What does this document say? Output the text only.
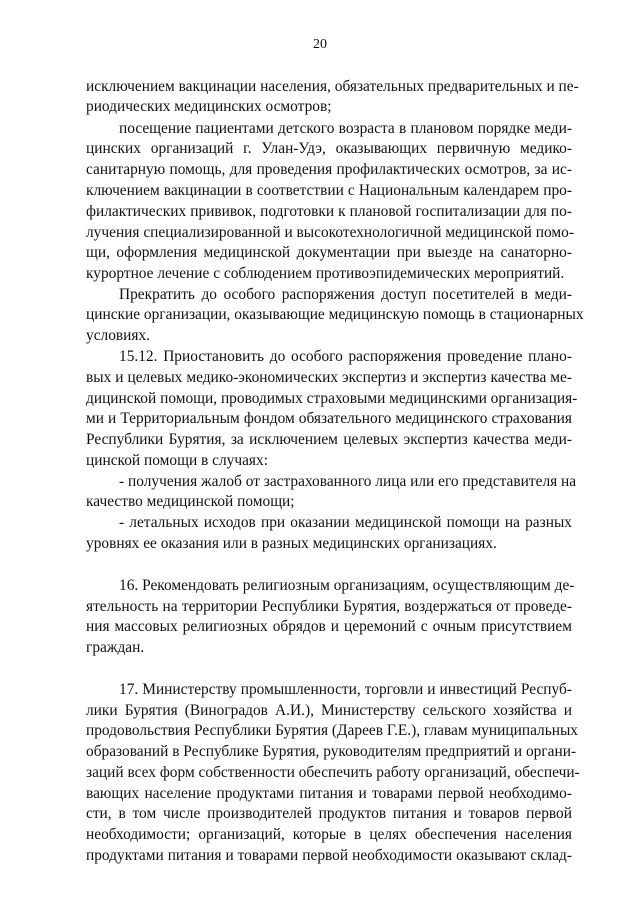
20
исключением вакцинации населения, обязательных предварительных и пе-
риодических медицинских осмотров;
посещение пациентами детского возраста в плановом порядке меди-
цинских организаций г. Улан-Удэ, оказывающих первичную медико-
санитарную помощь, для проведения профилактических осмотров, за ис-
ключением вакцинации в соответствии с Национальным календарем про-
филактических прививок, подготовки к плановой госпитализации для по-
лучения специализированной и высокотехнологичной медицинской помо-
щи, оформления медицинской документации при выезде на санаторно-
курортное лечение с соблюдением противоэпидемических мероприятий.
Прекратить до особого распоряжения доступ посетителей в меди-
цинские организации, оказывающие медицинскую помощь в стационарных
условиях.
15.12. Приостановить до особого распоряжения проведение плано-
вых и целевых медико-экономических экспертиз и экспертиз качества ме-
дицинской помощи, проводимых страховыми медицинскими организация-
ми и Территориальным фондом обязательного медицинского страхования
Республики Бурятия, за исключением целевых экспертиз качества меди-
цинской помощи в случаях:
- получения жалоб от застрахованного лица или его представителя на
качество медицинской помощи;
- летальных исходов при оказании медицинской помощи на разных
уровнях ее оказания или в разных медицинских организациях.
16. Рекомендовать религиозным организациям, осуществляющим де-
ятельность на территории Республики Бурятия, воздержаться от проведе-
ния массовых религиозных обрядов и церемоний с очным присутствием
граждан.
17. Министерству промышленности, торговли и инвестиций Респуб-
лики Бурятия (Виноградов А.И.), Министерству сельского хозяйства и
продовольствия Республики Бурятия (Дареев Г.Е.), главам муниципальных
образований в Республике Бурятия, руководителям предприятий и органи-
заций всех форм собственности обеспечить работу организаций, обеспечи-
вающих население продуктами питания и товарами первой необходимо-
сти, в том числе производителей продуктов питания и товаров первой
необходимости; организаций, которые в целях обеспечения населения
продуктами питания и товарами первой необходимости оказывают склад-
